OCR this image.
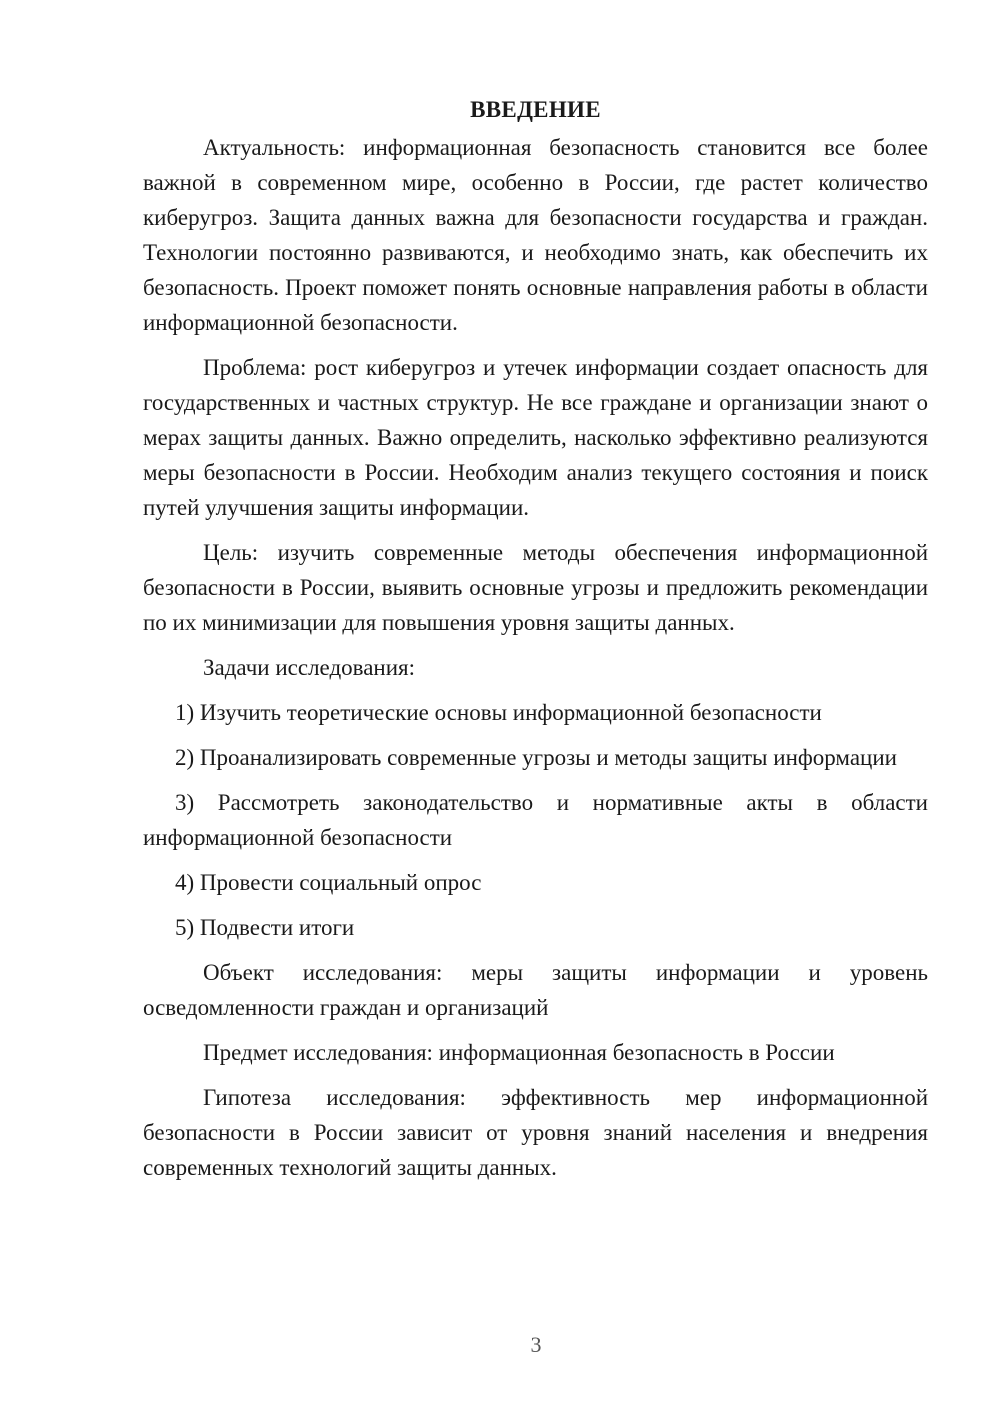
ВВЕДЕНИЕ

Актуальность: информационная безопасность становится все более важной в современном мире, особенно в России, где растет количество киберугроз. Защита данных важна для безопасности государства и граждан. Технологии постоянно развиваются, и необходимо знать, как обеспечить их безопасность. Проект поможет понять основные направления работы в области информационной безопасности.

Проблема: рост киберугроз и утечек информации создает опасность для государственных и частных структур. Не все граждане и организации знают о мерах защиты данных. Важно определить, насколько эффективно реализуются меры безопасности в России. Необходим анализ текущего состояния и поиск путей улучшения защиты информации.

Цель: изучить современные методы обеспечения информационной безопасности в России, выявить основные угрозы и предложить рекомендации по их минимизации для повышения уровня защиты данных.

Задачи исследования:

1) Изучить теоретические основы информационной безопасности

2) Проанализировать современные угрозы и методы защиты информации

3) Рассмотреть законодательство и нормативные акты в области информационной безопасности

4) Провести социальный опрос

5) Подвести итоги

Объект исследования: меры защиты информации и уровень осведомленности граждан и организаций

Предмет исследования: информационная безопасность в России

Гипотеза исследования: эффективность мер информационной безопасности в России зависит от уровня знаний населения и внедрения современных технологий защиты данных.

3
